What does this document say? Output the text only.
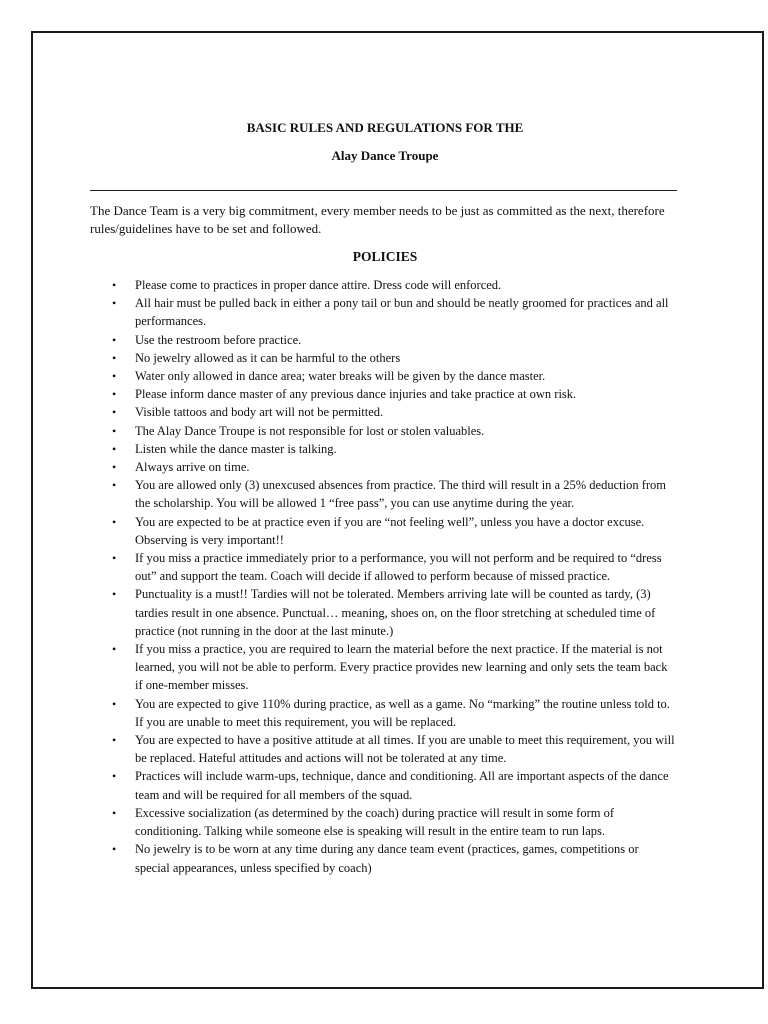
BASIC RULES AND REGULATIONS FOR THE

Alay Dance Troupe

The Dance Team is a very big commitment, every member needs to be just as committed as the next, therefore rules/guidelines have to be set and followed.

POLICIES

• Please come to practices in proper dance attire. Dress code will enforced.
• All hair must be pulled back in either a pony tail or bun and should be neatly groomed for practices and all performances.
• Use the restroom before practice.
• No jewelry allowed as it can be harmful to the others
• Water only allowed in dance area; water breaks will be given by the dance master.
• Please inform dance master of any previous dance injuries and take practice at own risk.
• Visible tattoos and body art will not be permitted.
• The Alay Dance Troupe is not responsible for lost or stolen valuables.
• Listen while the dance master is talking.
• Always arrive on time.
• You are allowed only (3) unexcused absences from practice. The third will result in a 25% deduction from the scholarship. You will be allowed 1 “free pass”, you can use anytime during the year.
• You are expected to be at practice even if you are “not feeling well”, unless you have a doctor excuse. Observing is very important!!
• If you miss a practice immediately prior to a performance, you will not perform and be required to “dress out” and support the team. Coach will decide if allowed to perform because of missed practice.
• Punctuality is a must!! Tardies will not be tolerated. Members arriving late will be counted as tardy, (3) tardies result in one absence. Punctual… meaning, shoes on, on the floor stretching at scheduled time of practice (not running in the door at the last minute.)
• If you miss a practice, you are required to learn the material before the next practice. If the material is not learned, you will not be able to perform. Every practice provides new learning and only sets the team back if one-member misses.
• You are expected to give 110% during practice, as well as a game. No “marking” the routine unless told to. If you are unable to meet this requirement, you will be replaced.
• You are expected to have a positive attitude at all times. If you are unable to meet this requirement, you will be replaced. Hateful attitudes and actions will not be tolerated at any time.
• Practices will include warm-ups, technique, dance and conditioning. All are important aspects of the dance team and will be required for all members of the squad.
• Excessive socialization (as determined by the coach) during practice will result in some form of conditioning. Talking while someone else is speaking will result in the entire team to run laps.
• No jewelry is to be worn at any time during any dance team event (practices, games, competitions or special appearances, unless specified by coach)
